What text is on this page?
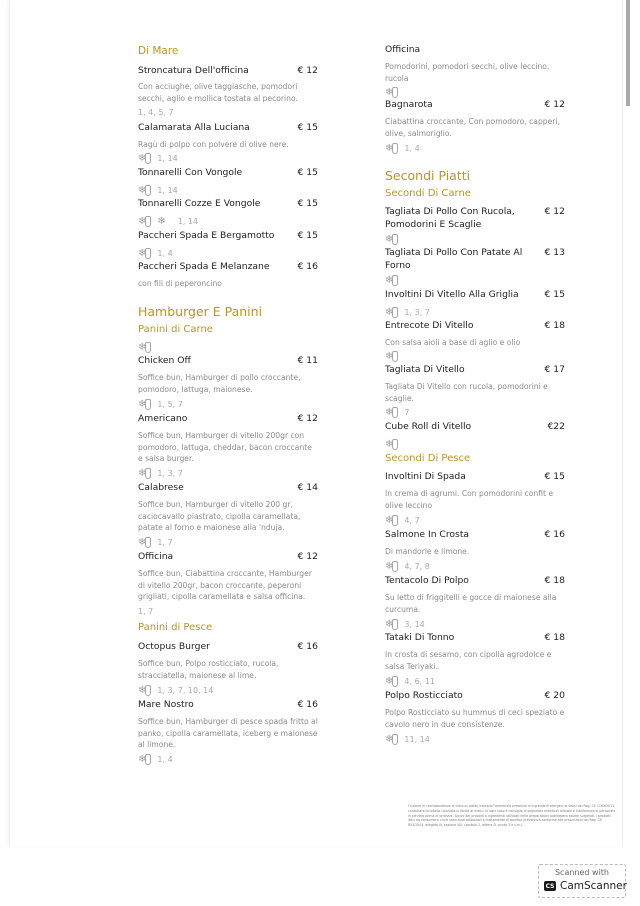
Di Mare
Stroncatura Dell'officina	€ 12
Con acciughe, olive taggiasche, pomodori secchi, aglio e mollica tostata al pecorino.
1, 4, 5, 7
Calamarata Alla Luciana	€ 15
Ragù di polpo con polvere di olive nere.
❄	1, 14
Tonnarelli Con Vongole	€ 15
❄	1, 14
Tonnarelli Cozze E Vongole	€ 15
❄	❄ 1, 14
Paccheri Spada E Bergamotto	€ 15
❄	1, 4
Paccheri Spada E Melanzane	€ 16
con fili di peperoncino
Hamburger E Panini
Panini di Carne
❄
Chicken Off	€ 11
Soffice bun, Hamburger di pollo croccante, pomodoro, lattuga, maionese.
❄	1, 5, 7
Americano	€ 12
Soffice bun, Hamburger di vitello 200gr con pomodoro, lattuga, cheddar, bacon croccante e salsa burger.
❄	1, 3, 7
Calabrese	€ 14
Soffice bun, Hamburger di vitello 200 gr, caciocavallo piastrato, cipolla caramellata, patate al forno e maionese alla 'nduja.
❄	1, 7
Officina	€ 12
Soffice bun, Ciabattina croccante, Hamburger di vitello 200gr, bacon croccante, peperoni grigliati, cipolla caramellata e salsa officina.
1, 7
Panini di Pesce
Octopus Burger	€ 16
Soffice bun, Polpo rosticciato, rucola, stracciatella, maionese al lime.
❄	1, 3, 7, 10, 14
Mare Nostro	€ 16
Soffice bun, Hamburger di pesce spada fritto al panko, cipolla caramellata, iceberg e maionese al limone.
❄	1, 4
Officina
Pomodorini, pomodori secchi, olive leccino, rucola
❄
Bagnarota	€ 12
Ciabattina croccante, Con pomodoro, capperi, olive, salmoriglio.
❄	1, 4
Secondi Piatti
Secondi Di Carne
Tagliata Di Pollo Con Rucola, Pomodorini E Scaglie
€ 12
❄
Tagliata Di Pollo Con Patate Al Forno
€ 13
❄
Involtini Di Vitello Alla Griglia	€ 15
❄	1, 3, 7
Entrecote Di Vitello	€ 18
Con salsa aioli a base di aglio e olio
❄
Tagliata Di Vitello	€ 17
Tagliata Di Vitello con rucola, pomodorini e scaglie.
❄	7
Cube Roll di Vitello	€22
❄
Secondi Di Pesce
Involtini Di Spada	€ 15
In crema di agrumi. Con pomodorini confit e olive leccino
❄	4, 7
Salmone In Crosta	€ 16
Di mandorle e limone.
❄	4, 7, 8
Tentacolo Di Polpo	€ 18
Su letto di friggitelli e gocce di maionese alla curcuma.
❄	3, 14
Tataki Di Tonno	€ 18
In crosta di sesamo, con cipolla agrodolce e salsa Teriyaki.
❄	4, 6, 11
Polpo Rosticciato	€ 20
Polpo Rosticciato su hummus di ceci speziato e cavolo nero in due consistenze.
❄	11, 14
I numeri in corrispondenza di ciascun piatto indicano l'eventuale presenza di ingredienti allergeni ai sensi del Reg. CE 1169/2011; consultare la tabella riportata in fondo al menu. In ogni caso è consiglia di segnalare eventuali allergie o intolleranze al personale in servizio prima di ordinare. Alcuni dei prodotti o ingredienti utilizzati nelle preparazioni potrebbero essere surgelati. I prodotti ittici da consumarsi crudi sono stati sottoposti a trattamento di bonifica preventiva conforme alle prescrizioni del Reg. CE 853/2004, allegato III, sezione VIII, capitolo 3, lettera D, punto 3 e s.m.i.
Scanned with
CS CamScanner
